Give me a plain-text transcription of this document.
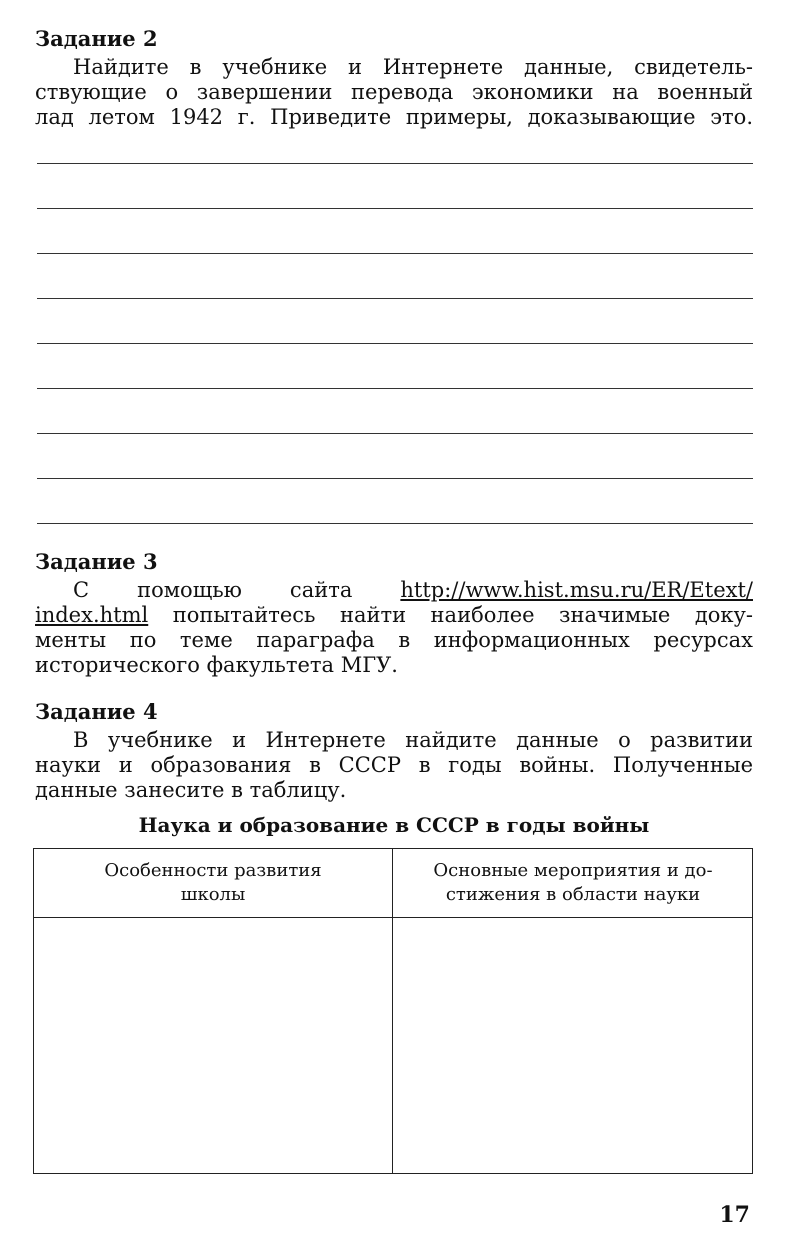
Задание 2

Найдите в учебнике и Интернете данные, свидетель-
ствующие о завершении перевода экономики на военный
лад летом 1942 г. Приведите примеры, доказывающие это.

Задание 3

С помощью сайта http://www.hist.msu.ru/ER/Etext/
index.html попытайтесь найти наиболее значимые доку-
менты по теме параграфа в информационных ресурсах
исторического факультета МГУ.

Задание 4

В учебнике и Интернете найдите данные о развитии
науки и образования в СССР в годы войны. Полученные
данные занесите в таблицу.

Наука и образование в СССР в годы войны

Особенности развития
школы

Основные мероприятия и до-
стижения в области науки

17
